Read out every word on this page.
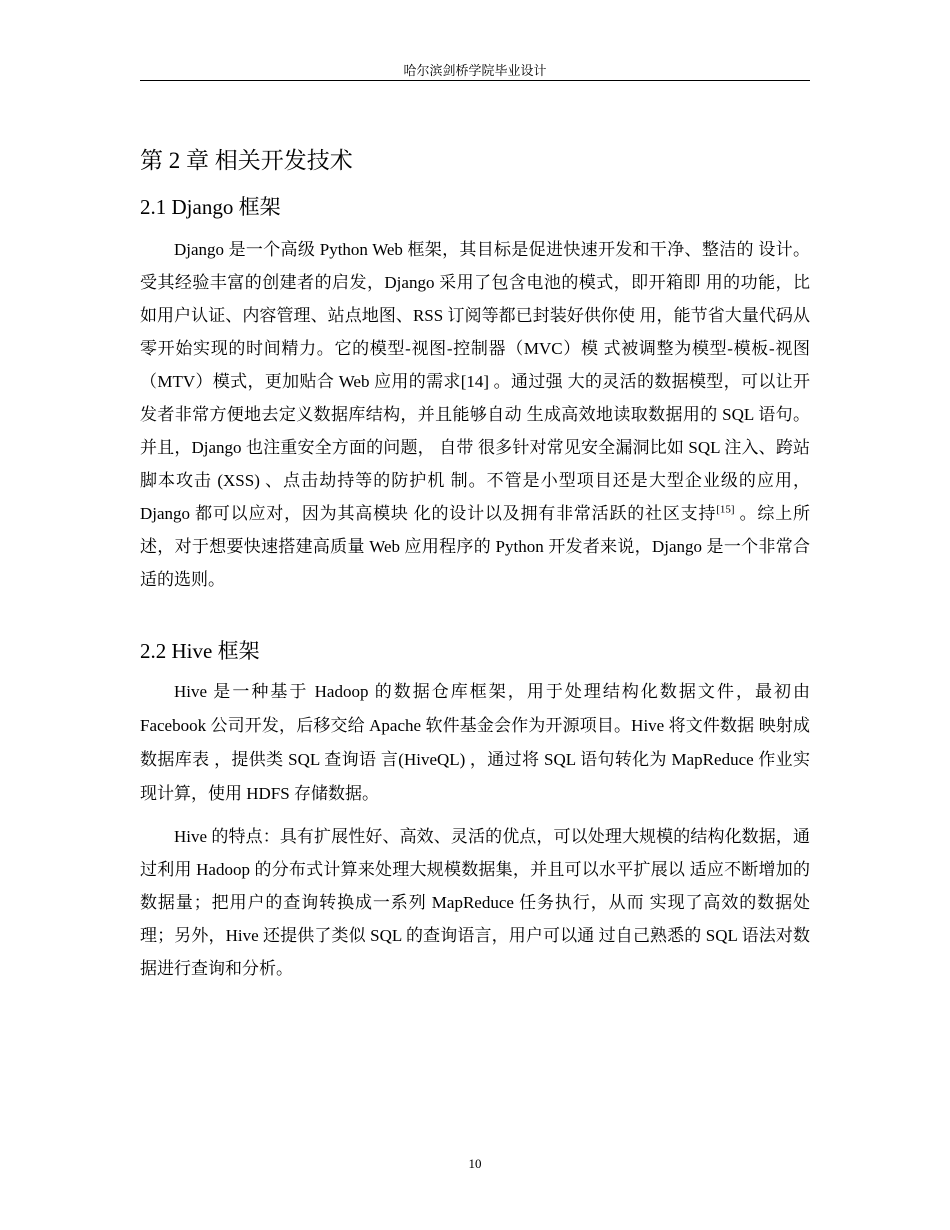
哈尔滨剑桥学院毕业设计
第 2 章 相关开发技术
2.1 Django 框架

Django 是一个高级 Python Web 框架，其目标是促进快速开发和干净、整洁的 设计。受其经验丰富的创建者的启发，Django 采用了包含电池的模式，即开箱即 用的功能，比如用户认证、内容管理、站点地图、RSS 订阅等都已封装好供你使 用，能节省大量代码从零开始实现的时间精力。它的模型-视图-控制器（MVC）模 式被调整为模型-模板-视图（MTV）模式，更加贴合 Web 应用的需求[14] 。通过强 大的灵活的数据模型，可以让开发者非常方便地去定义数据库结构，并且能够自动 生成高效地读取数据用的 SQL 语句。并且，Django 也注重安全方面的问题， 自带 很多针对常见安全漏洞比如 SQL 注入、跨站脚本攻击 (XSS) 、点击劫持等的防护机 制。不管是小型项目还是大型企业级的应用，Django 都可以应对，因为其高模块 化的设计以及拥有非常活跃的社区支持[15] 。综上所述，对于想要快速搭建高质量 Web 应用程序的 Python 开发者来说，Django 是一个非常合适的选则。

2.2 Hive 框架

Hive 是一种基于 Hadoop 的数据仓库框架，用于处理结构化数据文件，最初由 Facebook 公司开发，后移交给 Apache 软件基金会作为开源项目。Hive 将文件数据 映射成数据库表 ，提供类 SQL 查询语 言(HiveQL) ，通过将 SQL 语句转化为 MapReduce 作业实现计算，使用 HDFS 存储数据。

Hive 的特点：具有扩展性好、高效、灵活的优点，可以处理大规模的结构化数据，通过利用 Hadoop 的分布式计算来处理大规模数据集，并且可以水平扩展以 适应不断增加的数据量；把用户的查询转换成一系列 MapReduce 任务执行，从而 实现了高效的数据处理；另外，Hive 还提供了类似 SQL 的查询语言，用户可以通 过自己熟悉的 SQL 语法对数据进行查询和分析。

10
